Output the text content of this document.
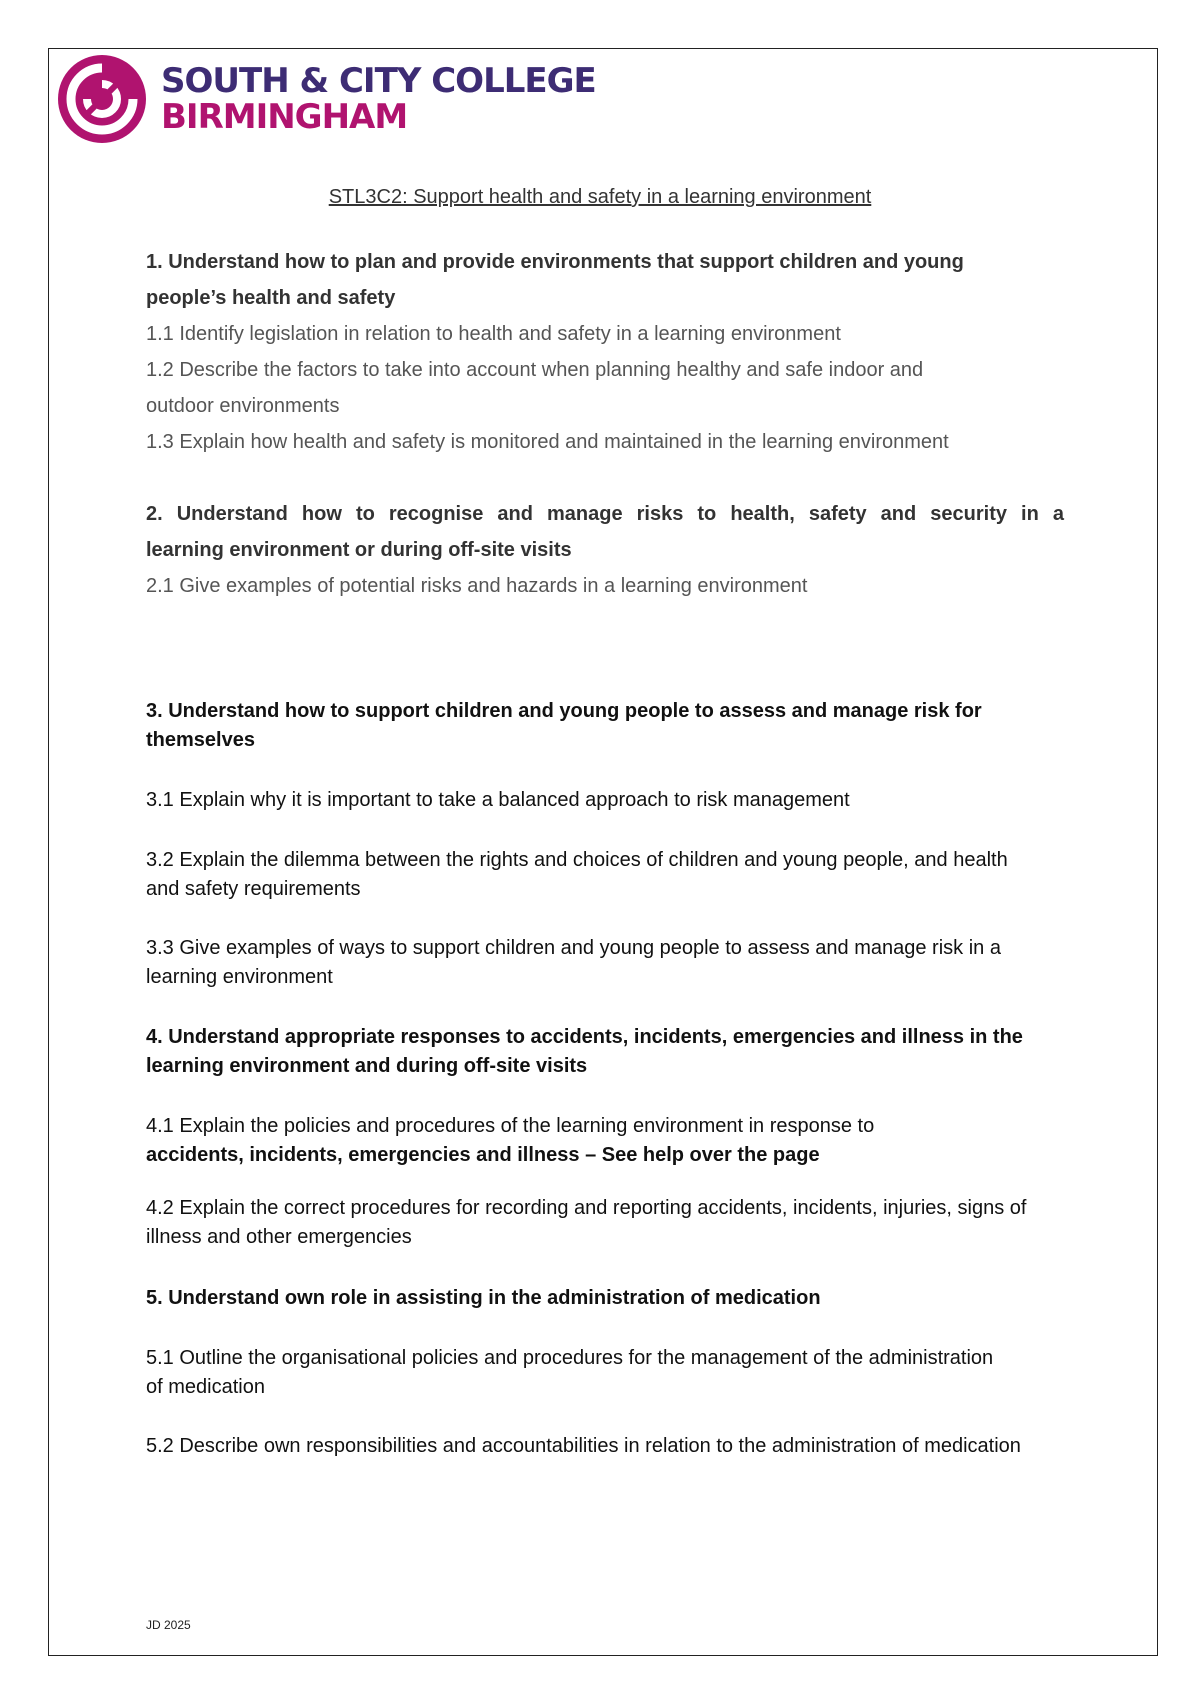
SOUTH & CITY COLLEGE
BIRMINGHAM
STL3C2: Support health and safety in a learning environment
1. Understand how to plan and provide environments that support children and young
people’s health and safety
1.1 Identify legislation in relation to health and safety in a learning environment
1.2 Describe the factors to take into account when planning healthy and safe indoor and
outdoor environments
1.3 Explain how health and safety is monitored and maintained in the learning environment
2. Understand how to recognise and manage risks to health, safety and security in a
learning environment or during off-site visits
2.1 Give examples of potential risks and hazards in a learning environment
3. Understand how to support children and young people to assess and manage risk for themselves
3.1 Explain why it is important to take a balanced approach to risk management
3.2 Explain the dilemma between the rights and choices of children and young people, and health and safety requirements
3.3 Give examples of ways to support children and young people to assess and manage risk in a learning environment
4. Understand appropriate responses to accidents, incidents, emergencies and illness in the learning environment and during off-site visits
4.1 Explain the policies and procedures of the learning environment in response to
accidents, incidents, emergencies and illness – See help over the page
4.2 Explain the correct procedures for recording and reporting accidents, incidents, injuries, signs of illness and other emergencies
5. Understand own role in assisting in the administration of medication
5.1 Outline the organisational policies and procedures for the management of the administration of medication
5.2 Describe own responsibilities and accountabilities in relation to the administration of medication
JD 2025
